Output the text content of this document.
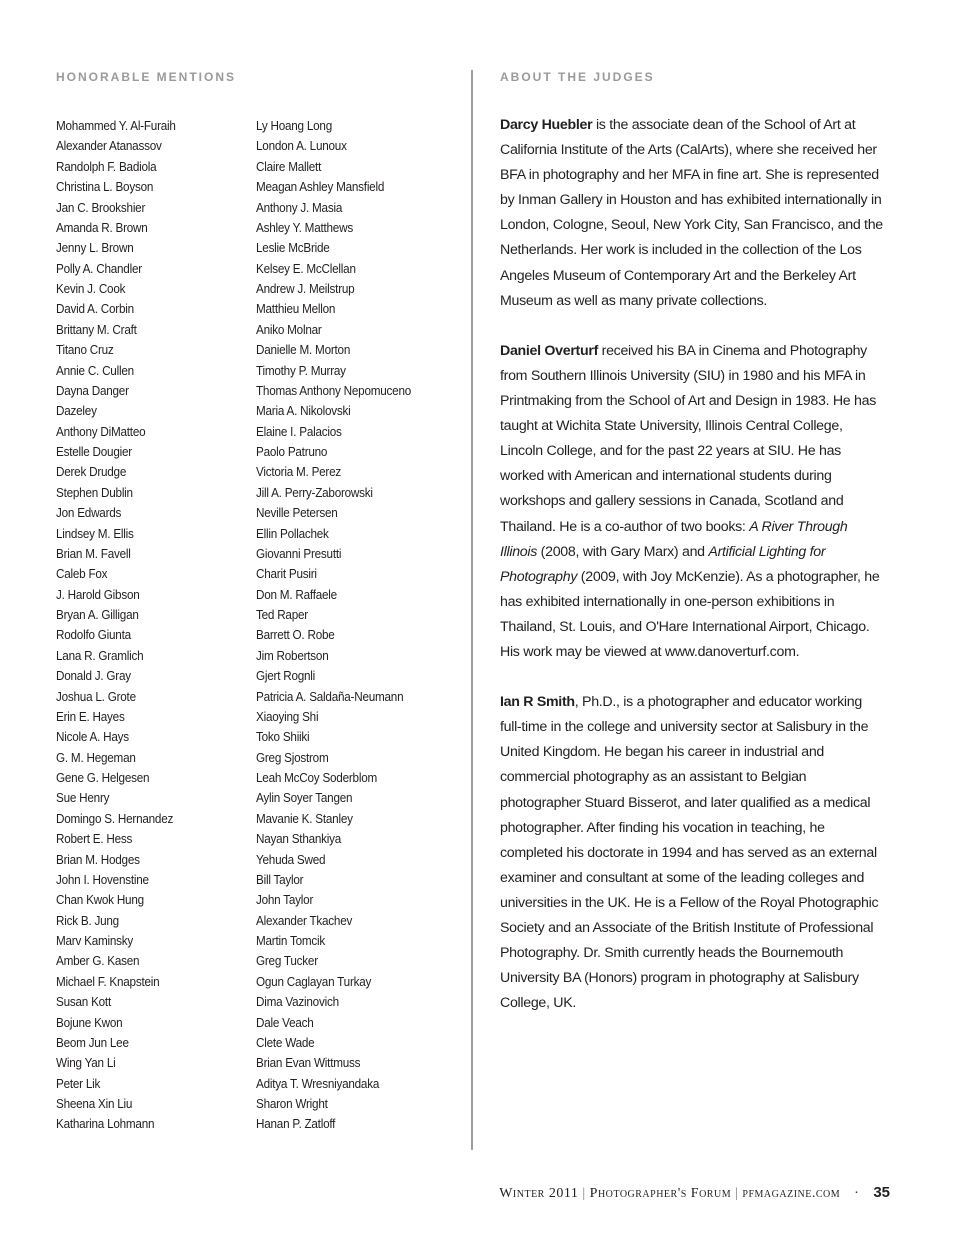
HONORABLE MENTIONS
Mohammed Y. Al-Furaih
Alexander Atanassov
Randolph F. Badiola
Christina L. Boyson
Jan C. Brookshier
Amanda R. Brown
Jenny L. Brown
Polly A. Chandler
Kevin J. Cook
David A. Corbin
Brittany M. Craft
Titano Cruz
Annie C. Cullen
Dayna Danger
Dazeley
Anthony DiMatteo
Estelle Dougier
Derek Drudge
Stephen Dublin
Jon Edwards
Lindsey M. Ellis
Brian M. Favell
Caleb Fox
J. Harold Gibson
Bryan A. Gilligan
Rodolfo Giunta
Lana R. Gramlich
Donald J. Gray
Joshua L. Grote
Erin E. Hayes
Nicole A. Hays
G. M. Hegeman
Gene G. Helgesen
Sue Henry
Domingo S. Hernandez
Robert E. Hess
Brian M. Hodges
John I. Hovenstine
Chan Kwok Hung
Rick B. Jung
Marv Kaminsky
Amber G. Kasen
Michael F. Knapstein
Susan Kott
Bojune Kwon
Beom Jun Lee
Wing Yan Li
Peter Lik
Sheena Xin Liu
Katharina Lohmann
Ly Hoang Long
London A. Lunoux
Claire Mallett
Meagan Ashley Mansfield
Anthony J. Masia
Ashley Y. Matthews
Leslie McBride
Kelsey E. McClellan
Andrew J. Meilstrup
Matthieu Mellon
Aniko Molnar
Danielle M. Morton
Timothy P. Murray
Thomas Anthony Nepomuceno
Maria A. Nikolovski
Elaine I. Palacios
Paolo Patruno
Victoria M. Perez
Jill A. Perry-Zaborowski
Neville Petersen
Ellin Pollachek
Giovanni Presutti
Charit Pusiri
Don M. Raffaele
Ted Raper
Barrett O. Robe
Jim Robertson
Gjert Rognli
Patricia A. Saldaña-Neumann
Xiaoying Shi
Toko Shiiki
Greg Sjostrom
Leah McCoy Soderblom
Aylin Soyer Tangen
Mavanie K. Stanley
Nayan Sthankiya
Yehuda Swed
Bill Taylor
John Taylor
Alexander Tkachev
Martin Tomcik
Greg Tucker
Ogun Caglayan Turkay
Dima Vazinovich
Dale Veach
Clete Wade
Brian Evan Wittmuss
Aditya T. Wresniyandaka
Sharon Wright
Hanan P. Zatloff
ABOUT THE JUDGES

Darcy Huebler is the associate dean of the School of Art at California Institute of the Arts (CalArts), where she received her BFA in photography and her MFA in fine art. She is represented by Inman Gallery in Houston and has exhibited internationally in London, Cologne, Seoul, New York City, San Francisco, and the Netherlands. Her work is included in the collection of the Los Angeles Museum of Contemporary Art and the Berkeley Art Museum as well as many private collections.

Daniel Overturf received his BA in Cinema and Photography from Southern Illinois University (SIU) in 1980 and his MFA in Printmaking from the School of Art and Design in 1983. He has taught at Wichita State University, Illinois Central College, Lincoln College, and for the past 22 years at SIU. He has worked with American and international students during workshops and gallery sessions in Canada, Scotland and Thailand. He is a co-author of two books: A River Through Illinois (2008, with Gary Marx) and Artificial Lighting for Photography (2009, with Joy McKenzie). As a photographer, he has exhibited internationally in one-person exhibitions in Thailand, St. Louis, and O'Hare International Airport, Chicago. His work may be viewed at www.danoverturf.com.

Ian R Smith, Ph.D., is a photographer and educator working full-time in the college and university sector at Salisbury in the United Kingdom. He began his career in industrial and commercial photography as an assistant to Belgian photographer Stuard Bisserot, and later qualified as a medical photographer. After finding his vocation in teaching, he completed his doctorate in 1994 and has served as an external examiner and consultant at some of the leading colleges and universities in the UK. He is a Fellow of the Royal Photographic Society and an Associate of the British Institute of Professional Photography. Dr. Smith currently heads the Bournemouth University BA (Honors) program in photography at Salisbury College, UK.

Winter 2011 | Photographer's Forum | pfmagazine.com · 35
